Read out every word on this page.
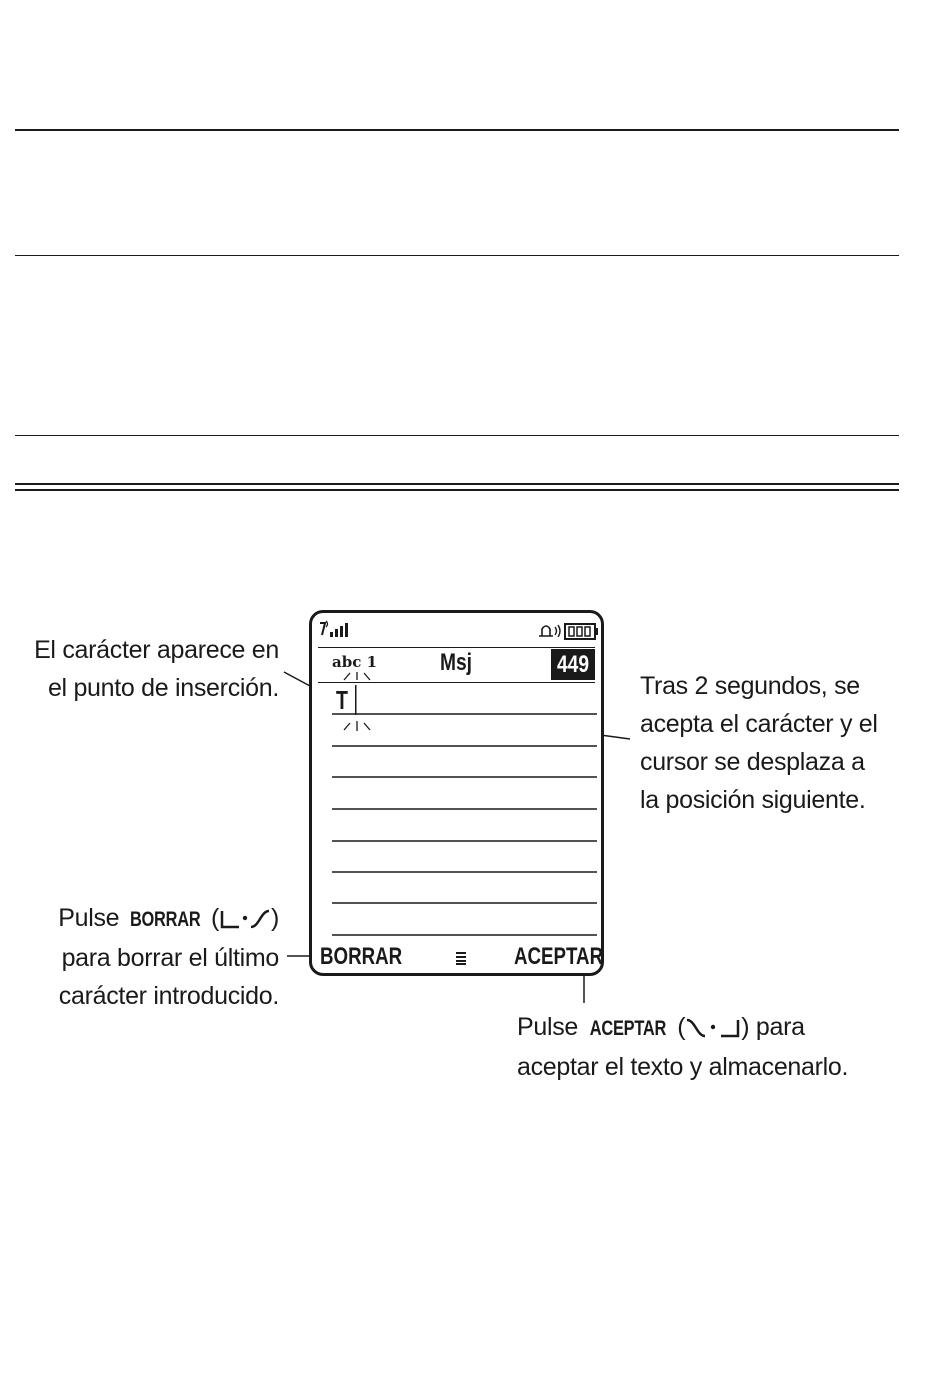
El carácter aparece en
el punto de inserción.	Tras 2 segundos, se
acepta el carácter y el
cursor se desplaza a
la posición siguiente.
Pulse BORRAR ( )
para borrar el último
carácter introducido.
Pulse ACEPTAR ( ) para
aceptar el texto y almacenarlo.
abc 1	Msj	449
T
BORRAR	ACEPTAR
